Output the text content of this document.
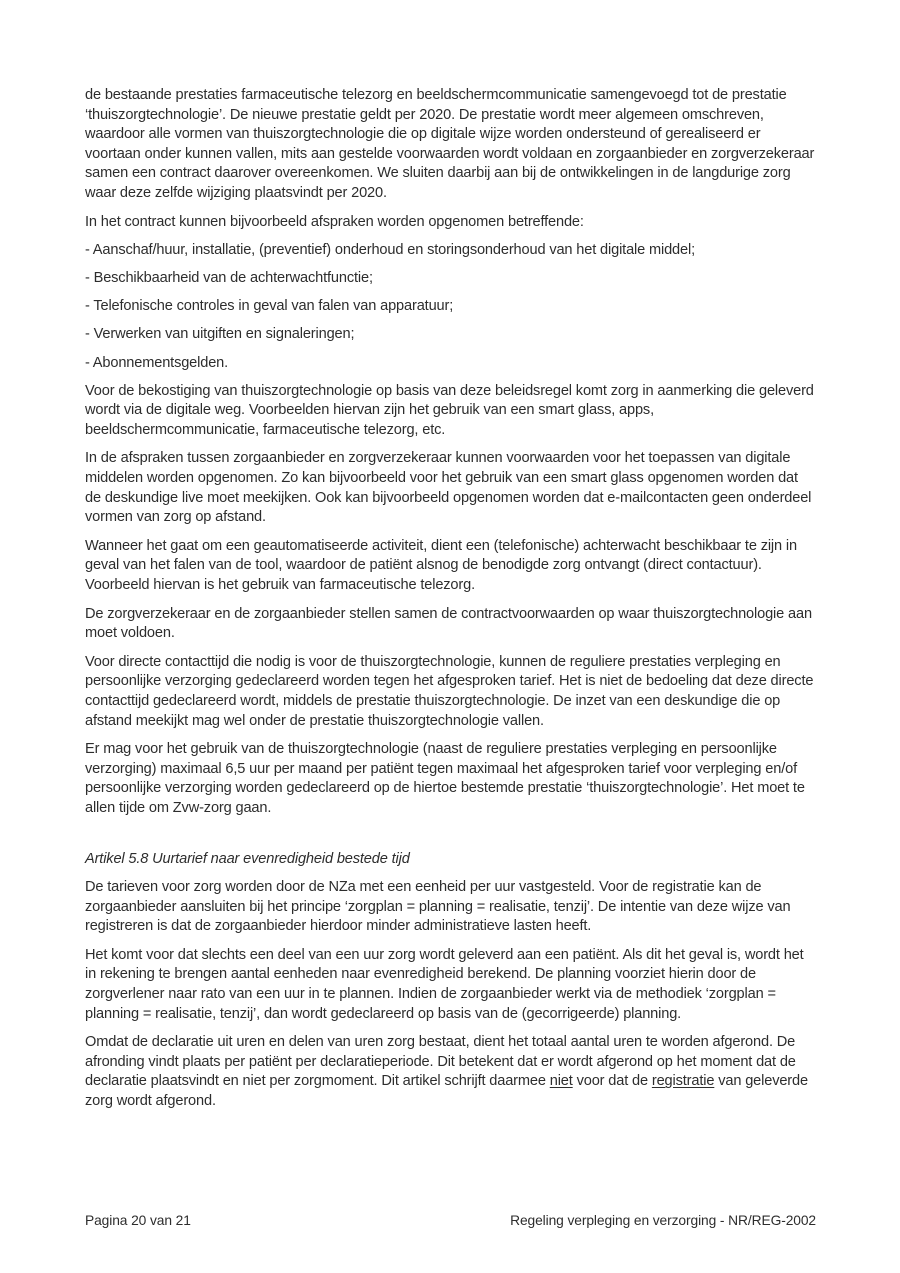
de bestaande prestaties farmaceutische telezorg en beeldschermcommunicatie samengevoegd tot de prestatie ‘thuiszorgtechnologie’. De nieuwe prestatie geldt per 2020. De prestatie wordt meer algemeen omschreven, waardoor alle vormen van thuiszorgtechnologie die op digitale wijze worden ondersteund of gerealiseerd er voortaan onder kunnen vallen, mits aan gestelde voorwaarden wordt voldaan en zorgaanbieder en zorgverzekeraar samen een contract daarover overeenkomen. We sluiten daarbij aan bij de ontwikkelingen in de langdurige zorg waar deze zelfde wijziging plaatsvindt per 2020.

In het contract kunnen bijvoorbeeld afspraken worden opgenomen betreffende:

- Aanschaf/huur, installatie, (preventief) onderhoud en storingsonderhoud van het digitale middel;

- Beschikbaarheid van de achterwachtfunctie;

- Telefonische controles in geval van falen van apparatuur;

- Verwerken van uitgiften en signaleringen;

- Abonnementsgelden.

Voor de bekostiging van thuiszorgtechnologie op basis van deze beleidsregel komt zorg in aanmerking die geleverd wordt via de digitale weg. Voorbeelden hiervan zijn het gebruik van een smart glass, apps, beeldschermcommunicatie, farmaceutische telezorg, etc.

In de afspraken tussen zorgaanbieder en zorgverzekeraar kunnen voorwaarden voor het toepassen van digitale middelen worden opgenomen. Zo kan bijvoorbeeld voor het gebruik van een smart glass opgenomen worden dat de deskundige live moet meekijken. Ook kan bijvoorbeeld opgenomen worden dat e-mailcontacten geen onderdeel vormen van zorg op afstand.

Wanneer het gaat om een geautomatiseerde activiteit, dient een (telefonische) achterwacht beschikbaar te zijn in geval van het falen van de tool, waardoor de patiënt alsnog de benodigde zorg ontvangt (direct contactuur). Voorbeeld hiervan is het gebruik van farmaceutische telezorg.

De zorgverzekeraar en de zorgaanbieder stellen samen de contractvoorwaarden op waar thuiszorgtechnologie aan moet voldoen.

Voor directe contacttijd die nodig is voor de thuiszorgtechnologie, kunnen de reguliere prestaties verpleging en persoonlijke verzorging gedeclareerd worden tegen het afgesproken tarief. Het is niet de bedoeling dat deze directe contacttijd gedeclareerd wordt, middels de prestatie thuiszorgtechnologie. De inzet van een deskundige die op afstand meekijkt mag wel onder de prestatie thuiszorgtechnologie vallen.

Er mag voor het gebruik van de thuiszorgtechnologie (naast de reguliere prestaties verpleging en persoonlijke verzorging) maximaal 6,5 uur per maand per patiënt tegen maximaal het afgesproken tarief voor verpleging en/of persoonlijke verzorging worden gedeclareerd op de hiertoe bestemde prestatie ‘thuiszorgtechnologie’. Het moet te allen tijde om Zvw-zorg gaan.

Artikel 5.8 Uurtarief naar evenredigheid bestede tijd

De tarieven voor zorg worden door de NZa met een eenheid per uur vastgesteld. Voor de registratie kan de zorgaanbieder aansluiten bij het principe ‘zorgplan = planning = realisatie, tenzij’. De intentie van deze wijze van registreren is dat de zorgaanbieder hierdoor minder administratieve lasten heeft.

Het komt voor dat slechts een deel van een uur zorg wordt geleverd aan een patiënt. Als dit het geval is, wordt het in rekening te brengen aantal eenheden naar evenredigheid berekend. De planning voorziet hierin door de zorgverlener naar rato van een uur in te plannen. Indien de zorgaanbieder werkt via de methodiek ‘zorgplan = planning = realisatie, tenzij’, dan wordt gedeclareerd op basis van de (gecorrigeerde) planning.

Omdat de declaratie uit uren en delen van uren zorg bestaat, dient het totaal aantal uren te worden afgerond. De afronding vindt plaats per patiënt per declaratieperiode. Dit betekent dat er wordt afgerond op het moment dat de declaratie plaatsvindt en niet per zorgmoment. Dit artikel schrijft daarmee niet voor dat de registratie van geleverde zorg wordt afgerond.

Pagina 20 van 21	Regeling verpleging en verzorging - NR/REG-2002
